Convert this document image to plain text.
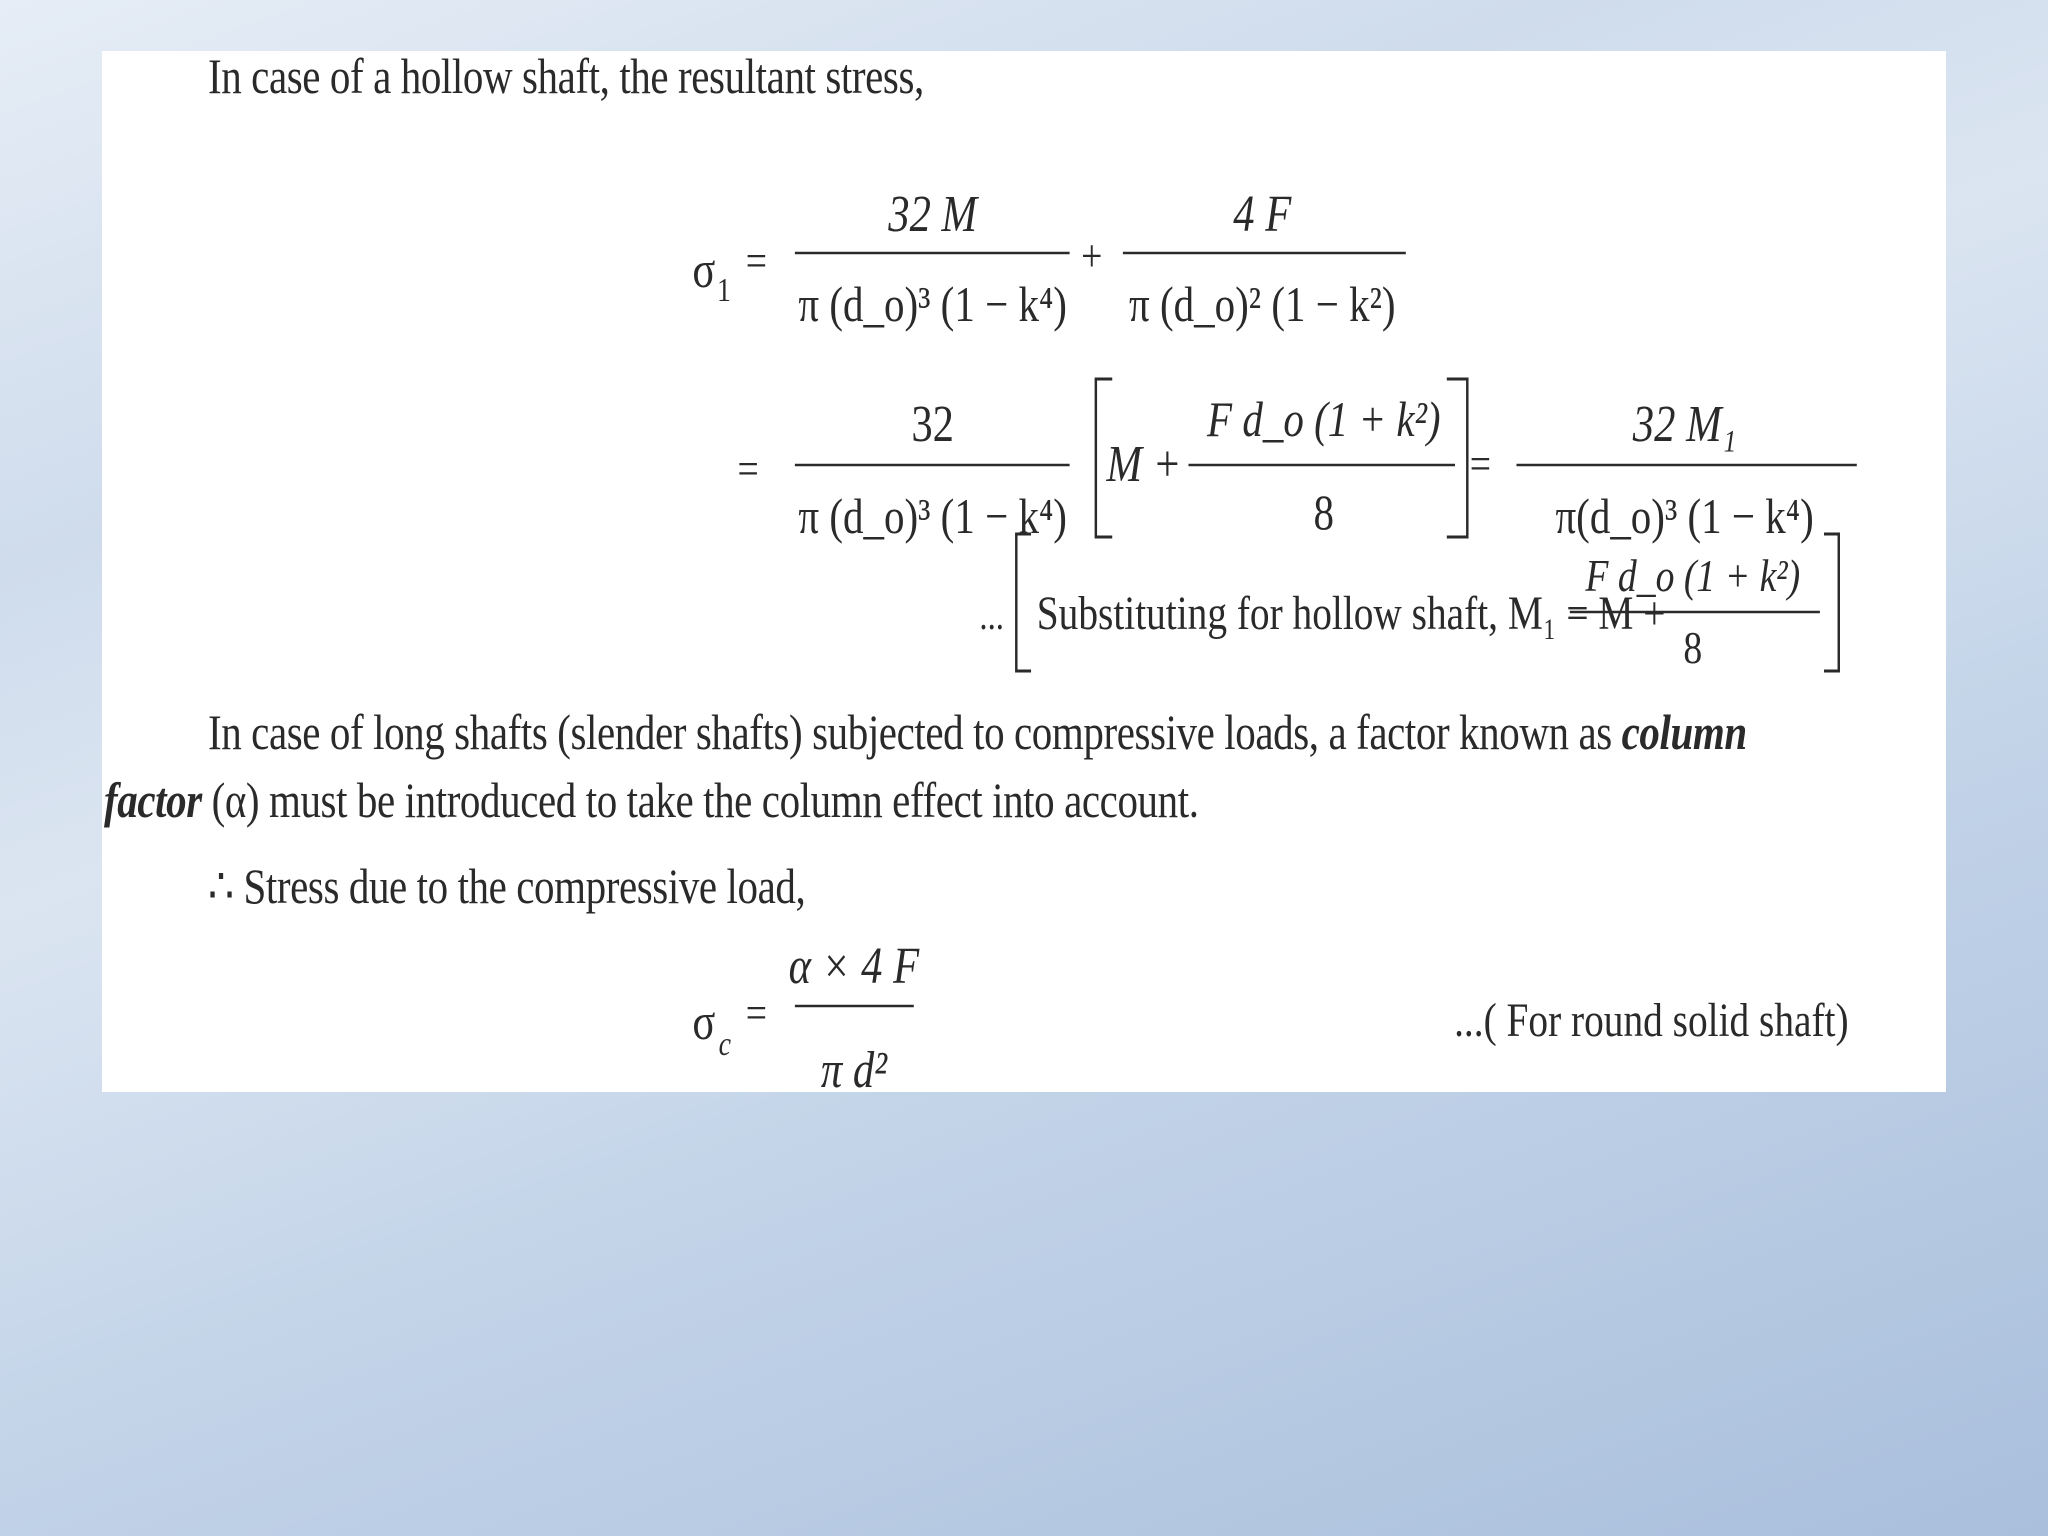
In case of a hollow shaft, the resultant stress,
σ 1
=
32 M
π (d_o)³ (1 − k⁴)
+
4 F
π (d_o)² (1 − k²)
=
32
π (d_o)³ (1 − k⁴)
M +
F d_o (1 + k²)
8
=
32 M₁
π(d_o)³ (1 − k⁴)
... Substituting for hollow shaft, M₁ = M +
F d_o (1 + k²)
8
σ c
=
α × 4 F
π d²
...( For round solid shaft)
In case of long shafts (slender shafts) subjected to compressive loads, a factor known as column
factor (α) must be introduced to take the column effect into account.
∴ Stress due to the compressive load,
